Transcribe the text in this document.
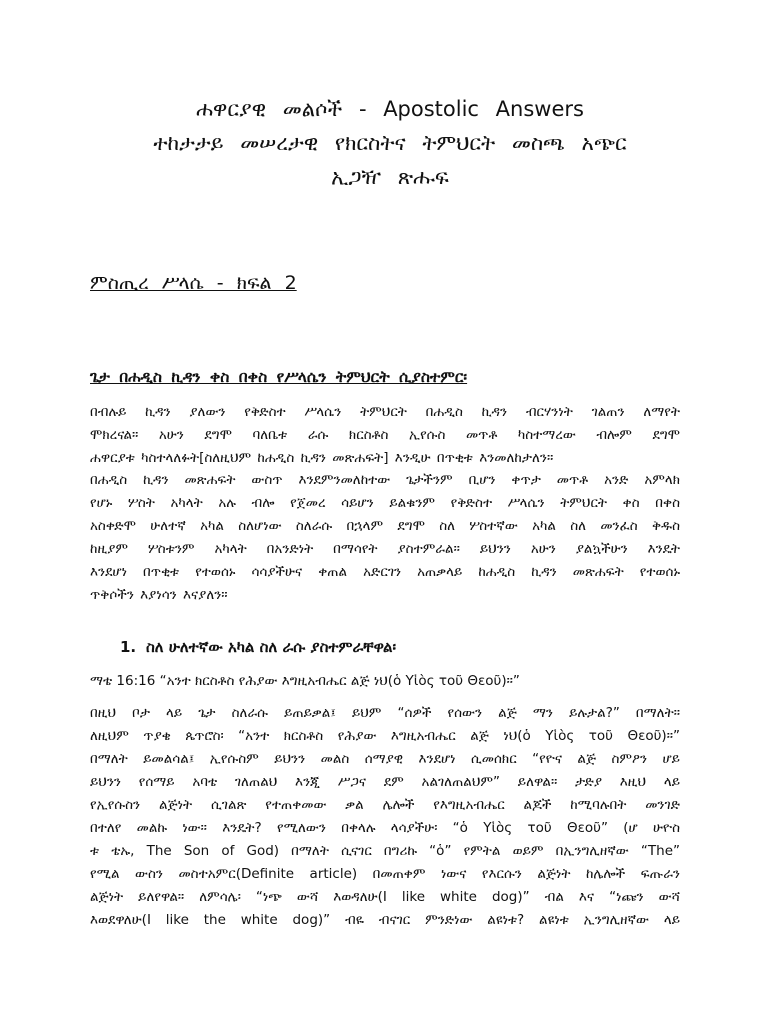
ሐዋርያዊ መልሶች - Apostolic Answers
ተከታታይ መሠረታዊ የክርስትና ትምህርት መስጫ አጭር
ኢጋዥ ጽሑፍ
ምስጢረ ሥላሴ - ክፍል 2
ጌታ በሐዲስ ኪዳን ቀስ በቀስ የሥላሴን ትምህርት ሲያስተምር፡
በብሉይ ኪዳን ያለውን የቅድስተ ሥላሴን ትምህርት በሐዲስ ኪዳን ብርሃንነት ገልጠን ለማየት
ሞክረናል። አሁን ደግሞ ባለቤቱ ራሱ ክርስቶስ ኢየሱስ መጥቶ ካስተማረው ብሎም ደግሞ
ሐዋርያቱ ካስተላለፉት[ስለዚህም ከሐዲስ ኪዳን መጽሐፍት] እንዲሁ በጥቂቱ እንመለከታለን።
በሐዲስ ኪዳን መጽሐፍት ውስጥ እንደምንመለከተው ጌታችንም ቢሆን ቀጥታ መጥቶ አንድ አምላክ
የሆኑ ሦስት አካላት አሉ ብሎ የጀመረ ሳይሆን ይልቁንም የቅድስተ ሥላሴን ትምህርት ቀስ በቀስ
አስቀድሞ ሁለተኛ አካል ስለሆነው ስለራሱ በኋላም ደግሞ ስለ ሦስተኛው አካል ስለ መንፈስ ቅዱስ
ከዚያም ሦስቱንም አካላት በአንድነት በማሳየት ያስተምራል። ይህንን አሁን ያልኳችሁን እንዴት
እንደሆነ በጥቂቱ የተወሰኑ ሳሳያችሁና ቀጠል አድርገን አጠቃላይ ከሐዲስ ኪዳን መጽሐፍት የተወሰኑ
ጥቅሶችን እያነሳን እናያለን።
1. ስለ ሁለተኛው አካል ስለ ራሱ ያስተምራቸዋል፡
ማቴ 16:16 “አንተ ክርስቶስ የሕያው እግዚአብሔር ልጅ ነህ(ὁ Υἱὸς τοῦ Θεοῦ)።”
በዚህ ቦታ ላይ ጌታ ስለራሱ ይጠይቃል፤ ይህም “ሰዎች የሰውን ልጅ ማን ይሉታል?” በማለት።
ለዚህም ጥያቄ ጴጥሮስ፡ “አንተ ክርስቶስ የሕያው እግዚአብሔር ልጅ ነህ(ὁ Υἱὸς τοῦ Θεοῦ)።”
በማለት ይመልሳል፤ ኢየሱስም ይህንን መልስ ሰማያዊ እንደሆነ ሲመሰክር “የዮና ልጅ ስምዖን ሆይ
ይህንን የሰማይ አባቴ ገለጠልህ እንጂ ሥጋና ደም አልገለጠልህም” ይለዋል። ታድያ እዚህ ላይ
የኢየሱስን ልጅነት ሲገልጽ የተጠቀመው ቃል ሌሎች የእግዚአብሔር ልጆች ከሚባሉበት መንገድ
በተለየ መልኩ ነው። እንዴት? የሚለውን በቀላሉ ላሳያችሁ፡ “ὁ Υἱὸς τοῦ Θεοῦ” (ሆ ሁዮስ
ቱ ቴኡ, The Son of God) በማለት ሲናገር በግሪኩ “ὁ” የምትል ወይም በኢንግሊዘኛው “The”
የሚል ውስን መስተአምር(Definite article) በመጠቀም ነውና የእርሱን ልጅነት ከሌሎች ፍጡራን
ልጅነት ይለየዋል። ለምሳሌ፡ “ነጭ ውሻ እወዳለሁ(I like white dog)” ብል እና “ነጩን ውሻ
እወደዋለሁ(I like the white dog)” ብዬ ብናገር ምንድነው ልዩነቱ? ልዩነቱ ኢንግሊዘኛው ላይ
